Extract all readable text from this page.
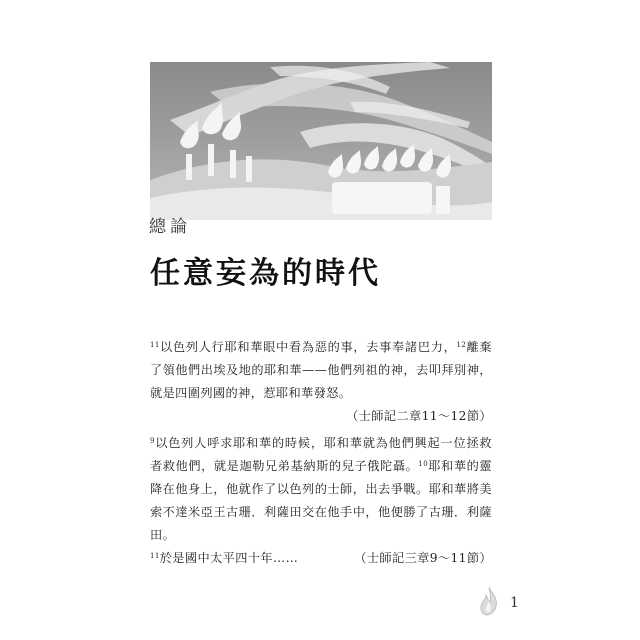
總論
任意妄為的時代

$^{11}$以色列人行耶和華眼中看為惡的事，去事奉諸巴力，$^{12}$離棄了領他們出埃及地的耶和華——他們列祖的神，去叩拜別神，就是四圍列國的神，惹耶和華發怒。
（士師記二章11～12節）

$^9$以色列人呼求耶和華的時候，耶和華就為他們興起一位拯救者救他們，就是迦勒兄弟基納斯的兒子俄陀聶。$^{10}$耶和華的靈降在他身上，他就作了以色列的士師，出去爭戰。耶和華將美索不達米亞王古珊．利薩田交在他手中，他便勝了古珊．利薩田。
$^{11}$於是國中太平四十年……	（士師記三章9～11節）

1
